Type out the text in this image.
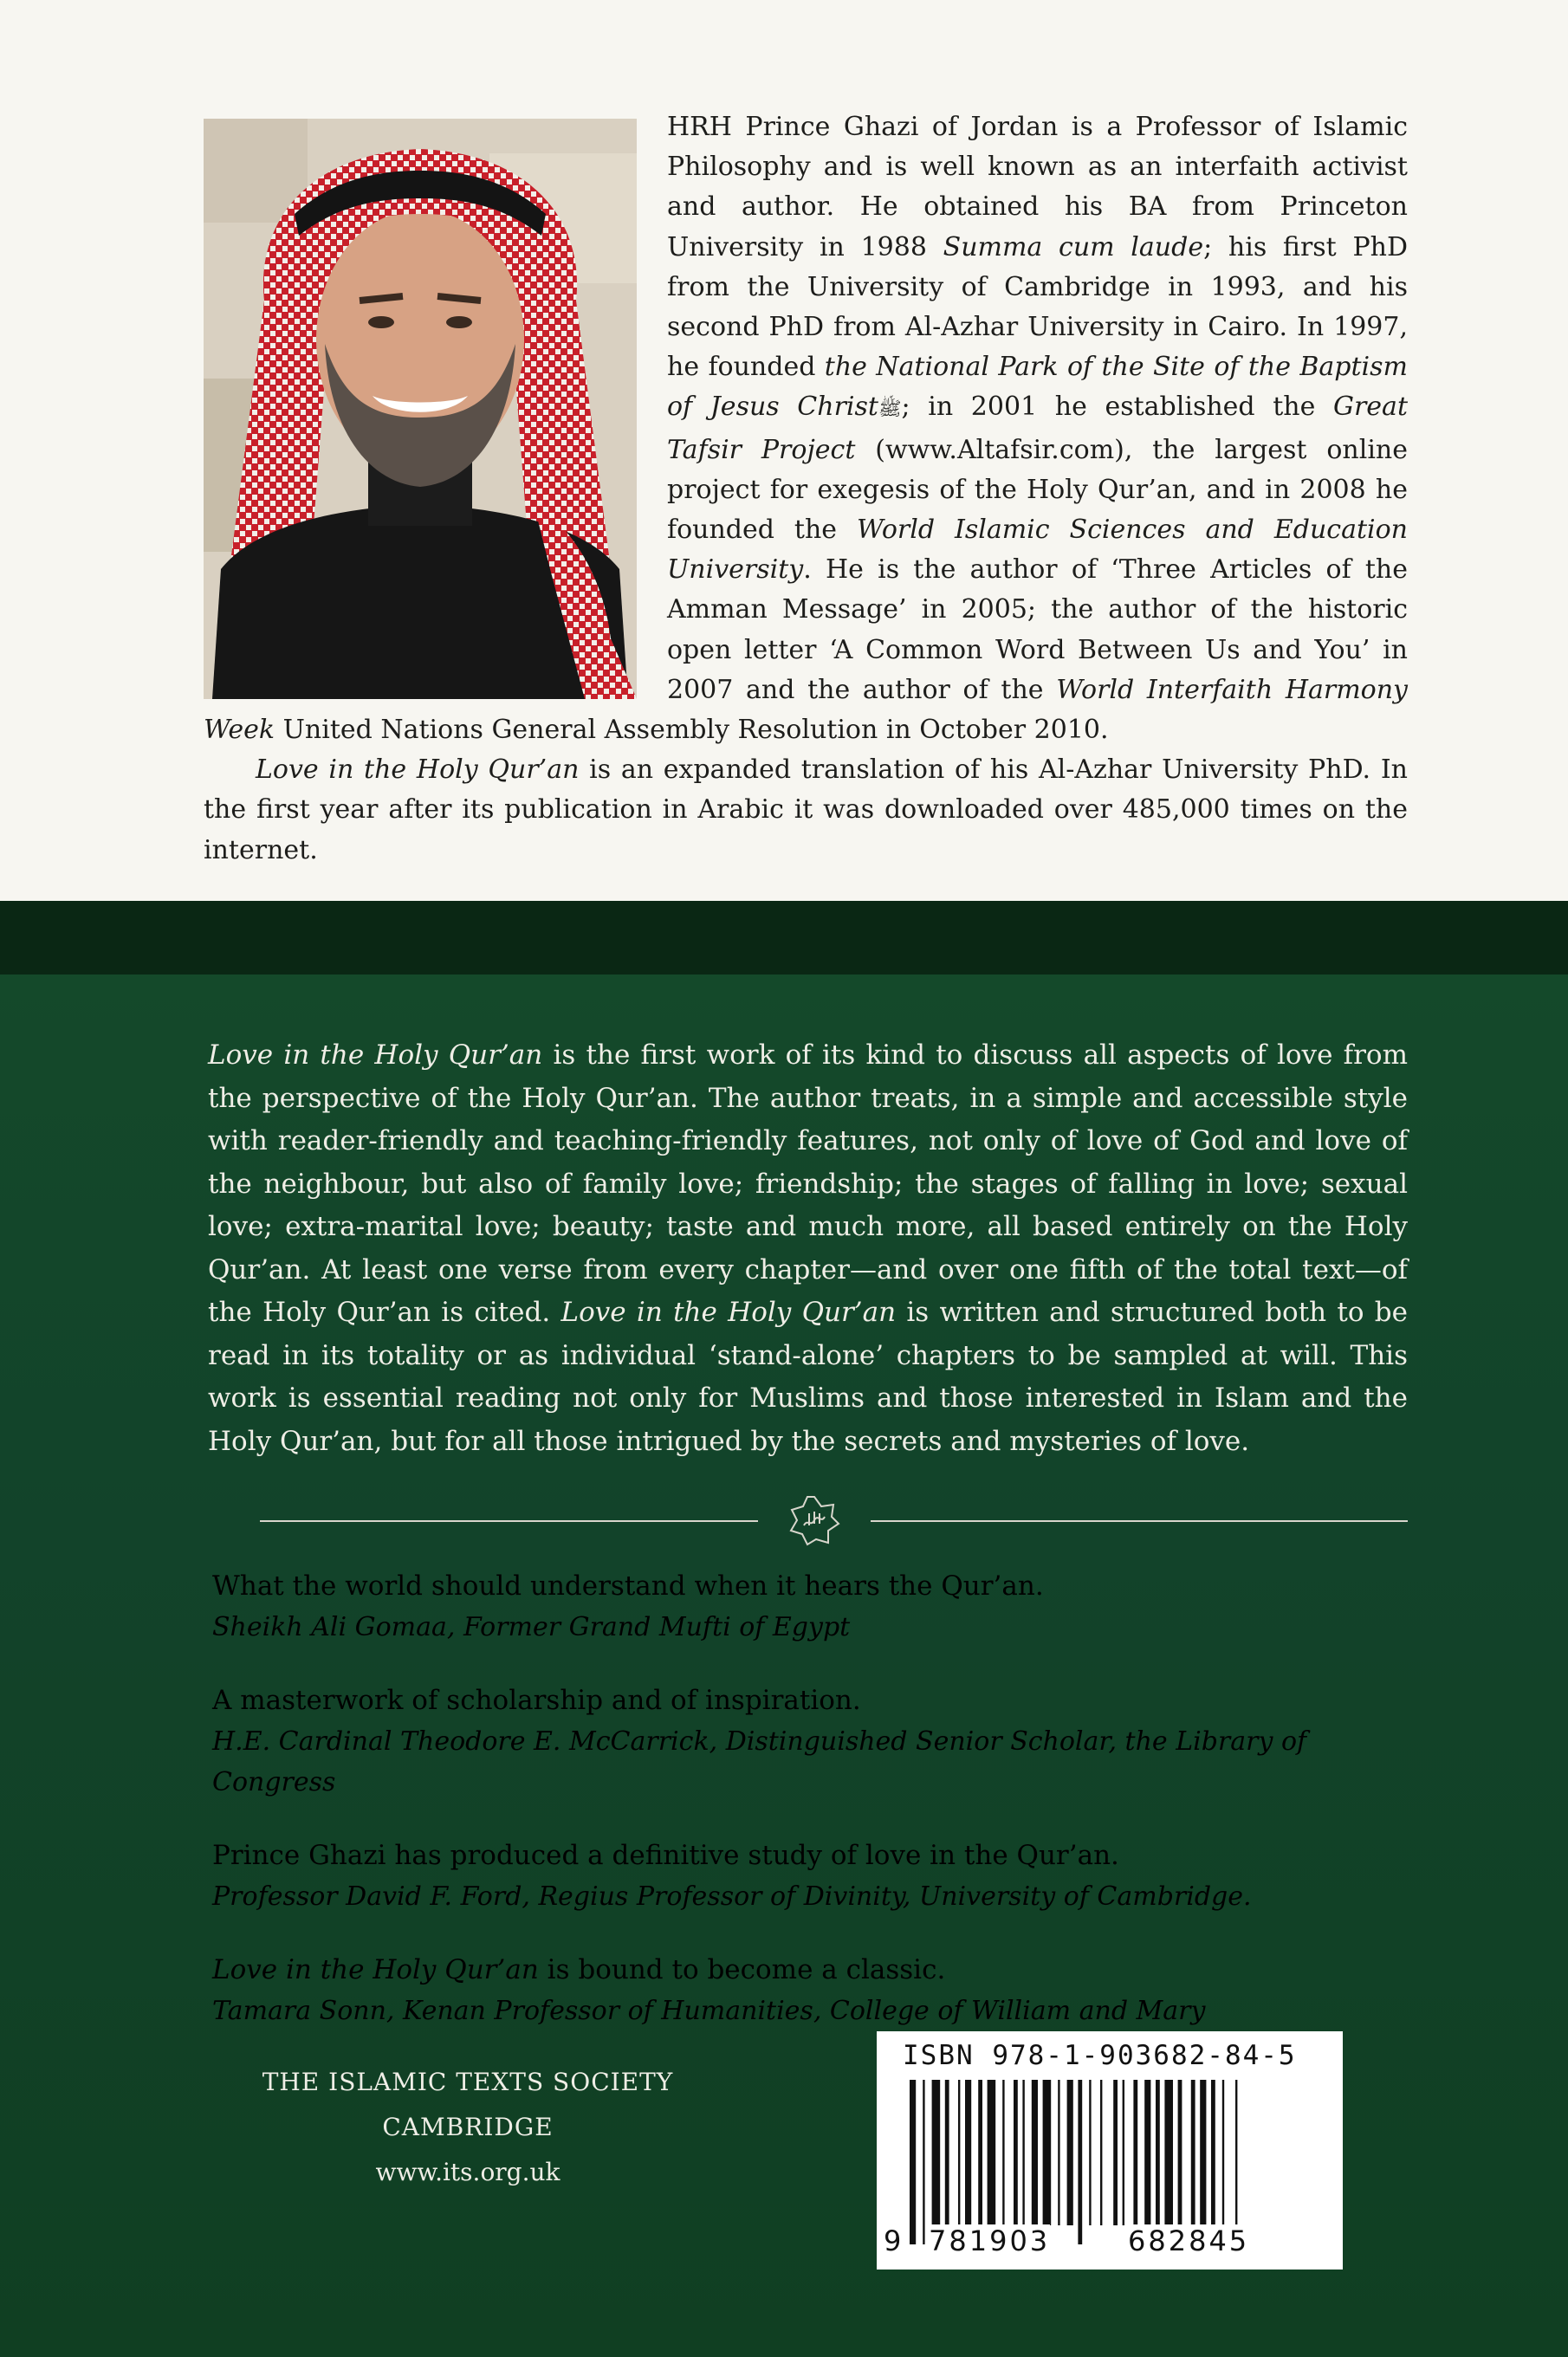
HRH Prince Ghazi of Jordan is a Professor of Islamic Philosophy and is well known as an interfaith activist and author. He obtained his BA from Princeton University in 1988 Summa cum laude; his first PhD from the University of Cambridge in 1993, and his second PhD from Al-Azhar University in Cairo. In 1997, he founded the National Park of the Site of the Baptism of Jesus Christﷺ; in 2001 he established the Great Tafsir Project (www.Altafsir.com), the largest online project for exegesis of the Holy Qur’an, and in 2008 he founded the World Islamic Sciences and Education University. He is the author of ‘Three Articles of the Amman Message’ in 2005; the author of the historic open letter ‘A Common Word Between Us and You’ in 2007 and the author of the World Interfaith Harmony Week United Nations General Assembly Resolution in October 2010.

Love in the Holy Qur’an is an expanded translation of his Al-Azhar University PhD. In the first year after its publication in Arabic it was downloaded over 485,000 times on the internet.

Love in the Holy Qur’an is the first work of its kind to discuss all aspects of love from the perspective of the Holy Qur’an. The author treats, in a simple and accessible style with reader-friendly and teaching-friendly features, not only of love of God and love of the neighbour, but also of family love; friendship; the stages of falling in love; sexual love; extra-marital love; beauty; taste and much more, all based entirely on the Holy Qur’an. At least one verse from every chapter—and over one fifth of the total text—of the Holy Qur’an is cited. Love in the Holy Qur’an is written and structured both to be read in its totality or as individual ‘stand-alone’ chapters to be sampled at will. This work is essential reading not only for Muslims and those interested in Islam and the Holy Qur’an, but for all those intrigued by the secrets and mysteries of love.

What the world should understand when it hears the Qur’an.
Sheikh Ali Gomaa, Former Grand Mufti of Egypt

A masterwork of scholarship and of inspiration.
H.E. Cardinal Theodore E. McCarrick, Distinguished Senior Scholar, the Library of Congress

Prince Ghazi has produced a definitive study of love in the Qur’an.
Professor David F. Ford, Regius Professor of Divinity, University of Cambridge.

Love in the Holy Qur’an is bound to become a classic.
Tamara Sonn, Kenan Professor of Humanities, College of William and Mary

THE ISLAMIC TEXTS SOCIETY
CAMBRIDGE
www.its.org.uk
ISBN 978-1-903682-84-5
9 781903	682845
